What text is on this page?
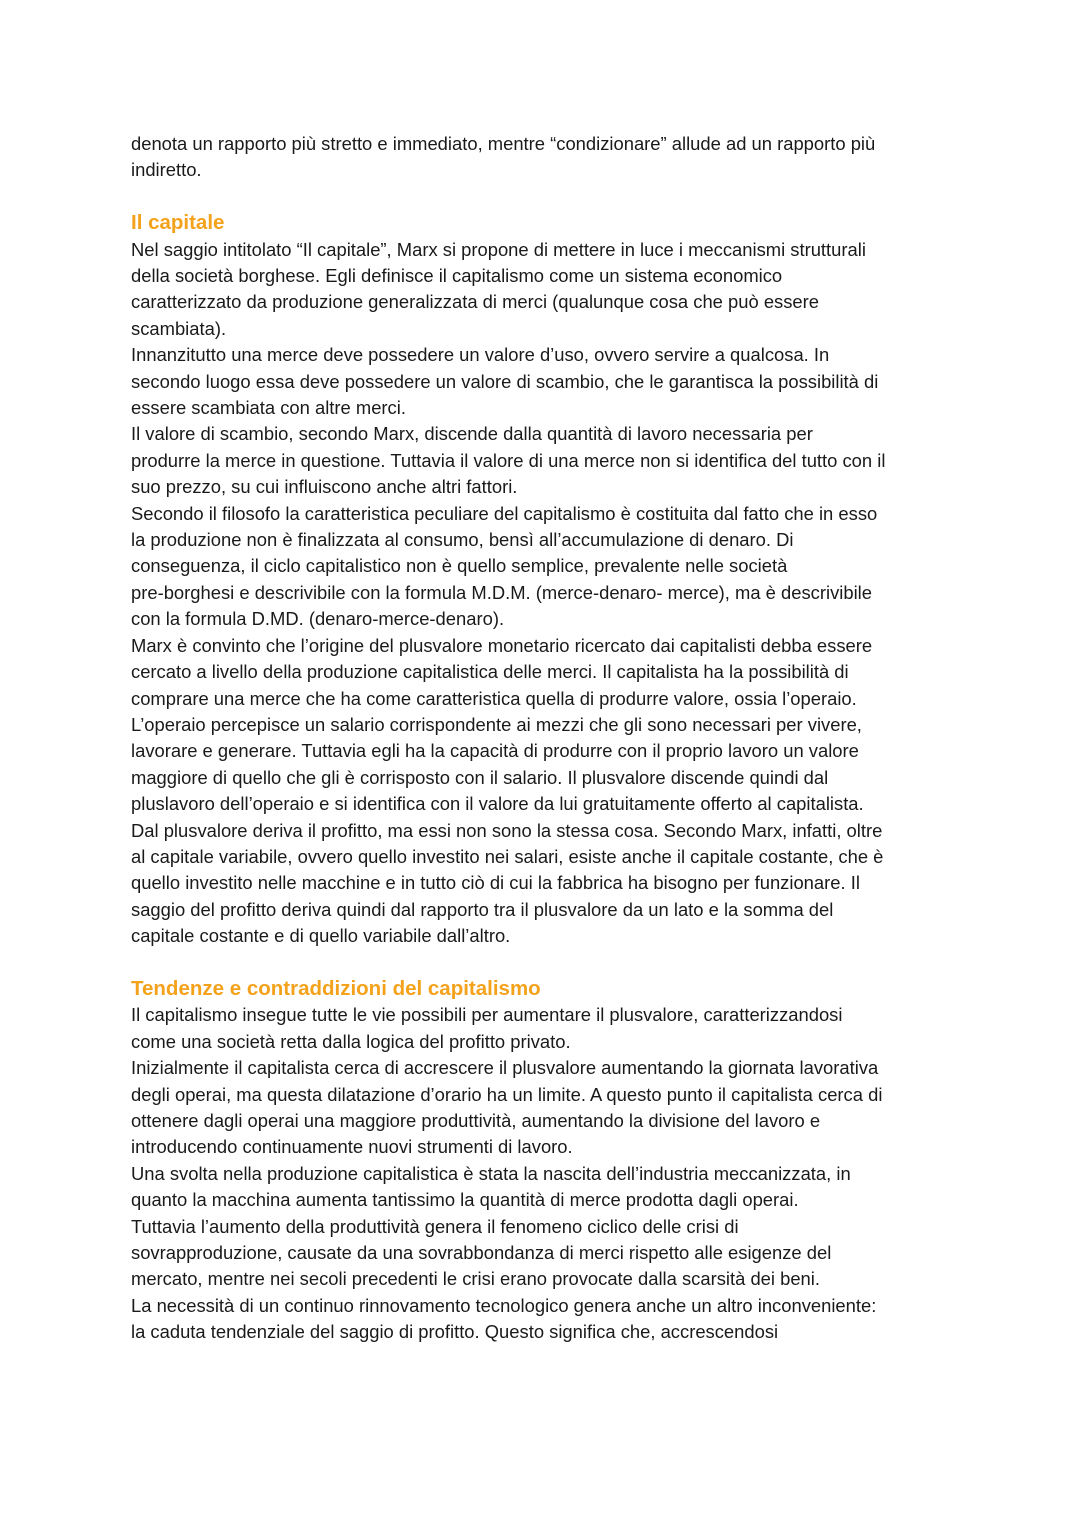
denota un rapporto più stretto e immediato, mentre “condizionare” allude ad un rapporto più
indiretto.
Il capitale
Nel saggio intitolato “Il capitale”, Marx si propone di mettere in luce i meccanismi strutturali
della società borghese. Egli definisce il capitalismo come un sistema economico
caratterizzato da produzione generalizzata di merci (qualunque cosa che può essere
scambiata).
Innanzitutto una merce deve possedere un valore d’uso, ovvero servire a qualcosa. In
secondo luogo essa deve possedere un valore di scambio, che le garantisca la possibilità di
essere scambiata con altre merci.
Il valore di scambio, secondo Marx, discende dalla quantità di lavoro necessaria per
produrre la merce in questione. Tuttavia il valore di una merce non si identifica del tutto con il
suo prezzo, su cui influiscono anche altri fattori.
Secondo il filosofo la caratteristica peculiare del capitalismo è costituita dal fatto che in esso
la produzione non è finalizzata al consumo, bensì all’accumulazione di denaro. Di
conseguenza, il ciclo capitalistico non è quello semplice, prevalente nelle società
pre-borghesi e descrivibile con la formula M.D.M. (merce-denaro- merce), ma è descrivibile
con la formula D.MD. (denaro-merce-denaro).
Marx è convinto che l’origine del plusvalore monetario ricercato dai capitalisti debba essere
cercato a livello della produzione capitalistica delle merci. Il capitalista ha la possibilità di
comprare una merce che ha come caratteristica quella di produrre valore, ossia l’operaio.
L’operaio percepisce un salario corrispondente ai mezzi che gli sono necessari per vivere,
lavorare e generare. Tuttavia egli ha la capacità di produrre con il proprio lavoro un valore
maggiore di quello che gli è corrisposto con il salario. Il plusvalore discende quindi dal
pluslavoro dell’operaio e si identifica con il valore da lui gratuitamente offerto al capitalista.
Dal plusvalore deriva il profitto, ma essi non sono la stessa cosa. Secondo Marx, infatti, oltre
al capitale variabile, ovvero quello investito nei salari, esiste anche il capitale costante, che è
quello investito nelle macchine e in tutto ciò di cui la fabbrica ha bisogno per funzionare. Il
saggio del profitto deriva quindi dal rapporto tra il plusvalore da un lato e la somma del
capitale costante e di quello variabile dall’altro.
Tendenze e contraddizioni del capitalismo
Il capitalismo insegue tutte le vie possibili per aumentare il plusvalore, caratterizzandosi
come una società retta dalla logica del profitto privato.
Inizialmente il capitalista cerca di accrescere il plusvalore aumentando la giornata lavorativa
degli operai, ma questa dilatazione d’orario ha un limite. A questo punto il capitalista cerca di
ottenere dagli operai una maggiore produttività, aumentando la divisione del lavoro e
introducendo continuamente nuovi strumenti di lavoro.
Una svolta nella produzione capitalistica è stata la nascita dell’industria meccanizzata, in
quanto la macchina aumenta tantissimo la quantità di merce prodotta dagli operai.
Tuttavia l’aumento della produttività genera il fenomeno ciclico delle crisi di
sovrapproduzione, causate da una sovrabbondanza di merci rispetto alle esigenze del
mercato, mentre nei secoli precedenti le crisi erano provocate dalla scarsità dei beni.
La necessità di un continuo rinnovamento tecnologico genera anche un altro inconveniente:
la caduta tendenziale del saggio di profitto. Questo significa che, accrescendosi
